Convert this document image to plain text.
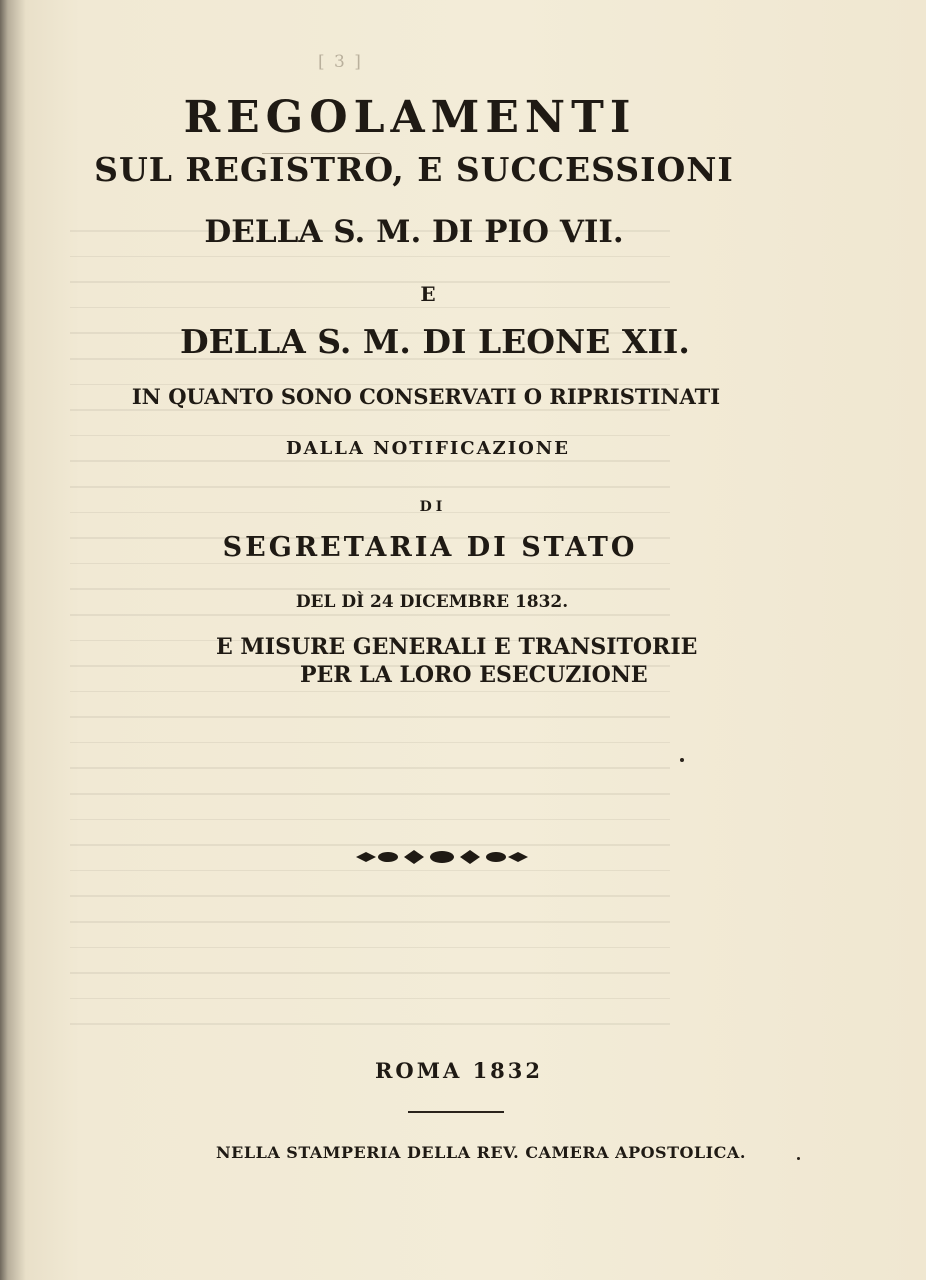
[ 3 ]
REGOLAMENTI
SUL REGISTRO, E SUCCESSIONI
DELLA S. M. DI PIO VII.
E
DELLA S. M. DI LEONE XII.
IN QUANTO SONO CONSERVATI O RIPRISTINATI
DALLA NOTIFICAZIONE
DI
SEGRETARIA DI STATO
DEL DÌ 24 DICEMBRE 1832.
E MISURE GENERALI E TRANSITORIE
PER LA LORO ESECUZIONE
ROMA 1832
NELLA STAMPERIA DELLA REV. CAMERA APOSTOLICA.
